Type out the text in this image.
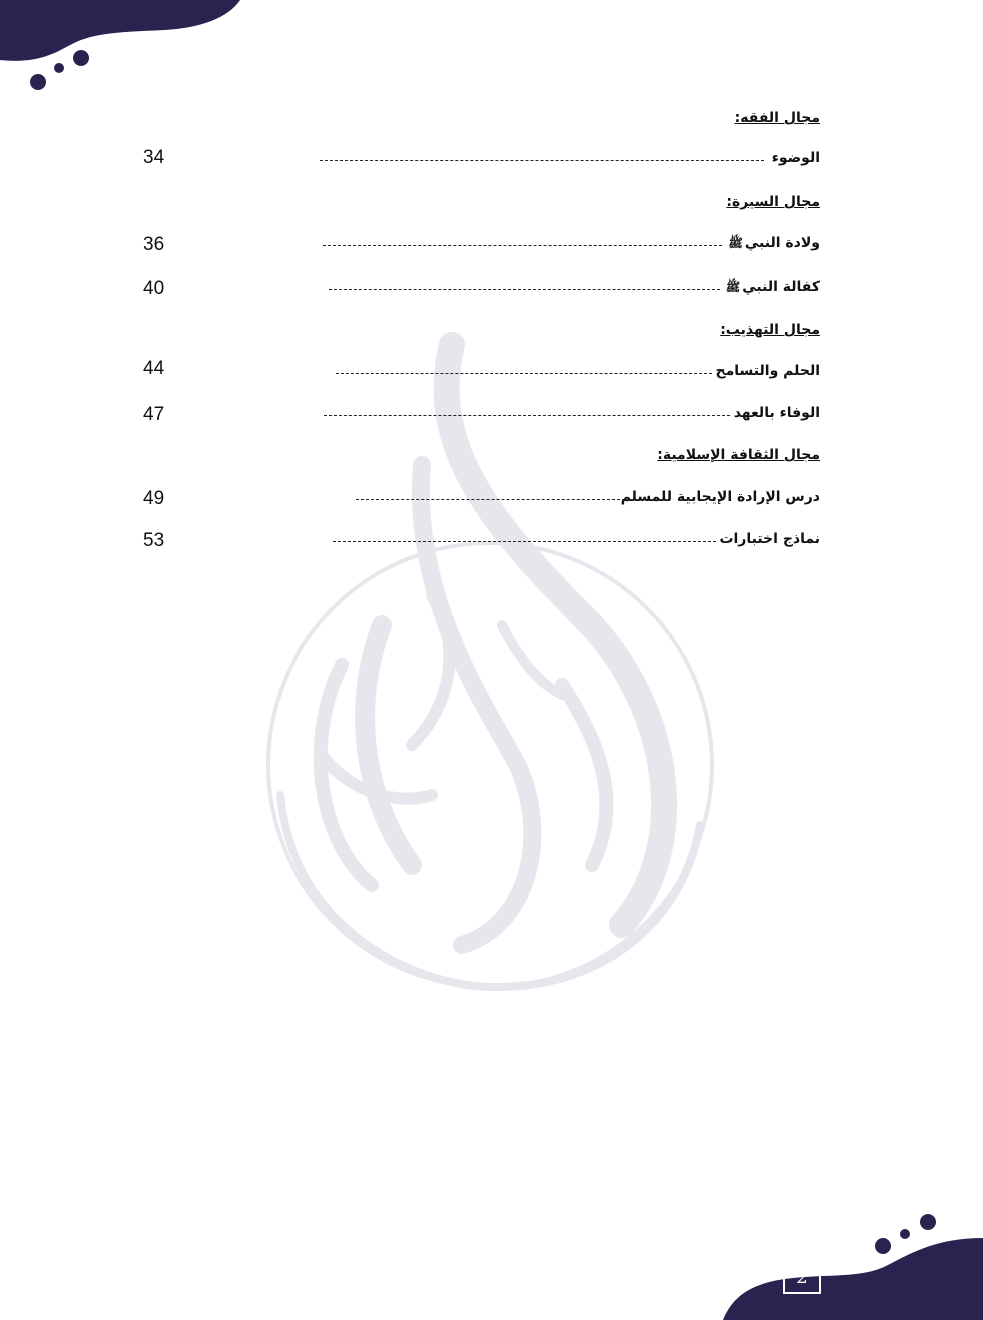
مجال الفقه:
الوضوء
34
مجال السيرة:
ولادة النبيﷺ
36
كفالة النبيﷺ
40
مجال التهذيب:
الحلم والتسامح
44
الوفاء بالعهد
47
مجال الثقافة الإسلامية:
درس الإرادة الإيجابية للمسلم
49
نماذج اختبارات
53
2
